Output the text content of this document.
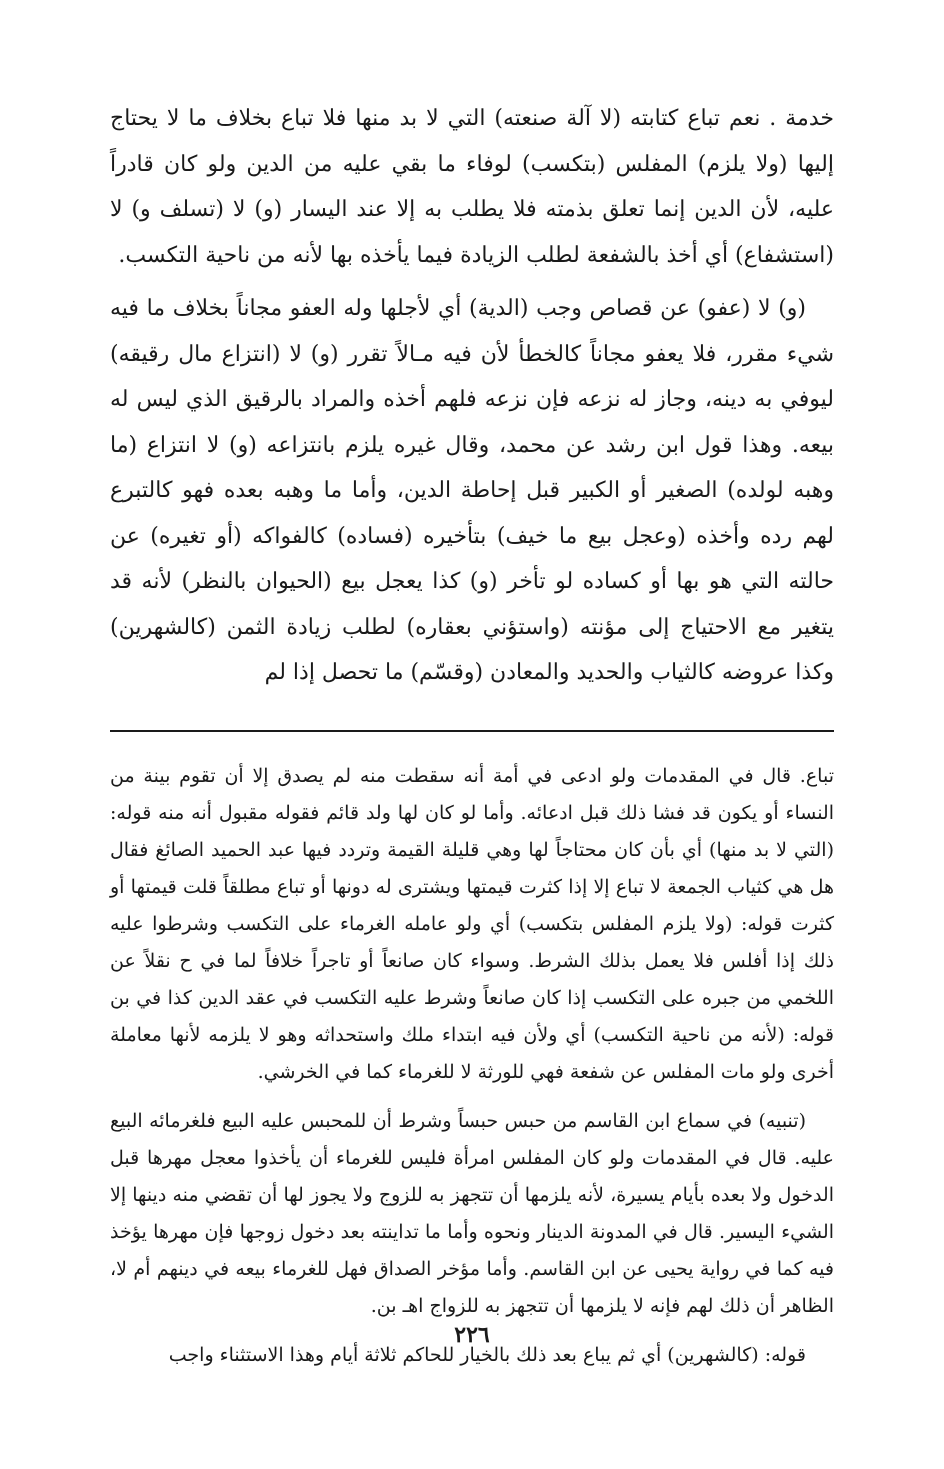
خدمة . نعم تباع كتابته (لا آلة صنعته) التي لا بد منها فلا تباع بخلاف ما لا يحتاج إليها (ولا يلزم) المفلس (بتكسب) لوفاء ما بقي عليه من الدين ولو كان قادراً عليه، لأن الدين إنما تعلق بذمته فلا يطلب به إلا عند اليسار (و) لا (تسلف و) لا (استشفاع) أي أخذ بالشفعة لطلب الزيادة فيما يأخذه بها لأنه من ناحية التكسب.

(و) لا (عفو) عن قصاص وجب (الدية) أي لأجلها وله العفو مجاناً بخلاف ما فيه شيء مقرر، فلا يعفو مجاناً كالخطأ لأن فيه مـالاً تقرر (و) لا (انتزاع مال رقيقه) ليوفي به دينه، وجاز له نزعه فإن نزعه فلهم أخذه والمراد بالرقيق الذي ليس له بيعه. وهذا قول ابن رشد عن محمد، وقال غيره يلزم بانتزاعه (و) لا انتزاع (ما وهبه لولده) الصغير أو الكبير قبل إحاطة الدين، وأما ما وهبه بعده فهو كالتبرع لهم رده وأخذه (وعجل بيع ما خيف) بتأخيره (فساده) كالفواكه (أو تغيره) عن حالته التي هو بها أو كساده لو تأخر (و) كذا يعجل بيع (الحيوان بالنظر) لأنه قد يتغير مع الاحتياج إلى مؤنته (واستؤني بعقاره) لطلب زيادة الثمن (كالشهرين) وكذا عروضه كالثياب والحديد والمعادن (وقسّم) ما تحصل إذا لم

تباع. قال في المقدمات ولو ادعى في أمة أنه سقطت منه لم يصدق إلا أن تقوم بينة من النساء أو يكون قد فشا ذلك قبل ادعائه. وأما لو كان لها ولد قائم فقوله مقبول أنه منه قوله: (التي لا بد منها) أي بأن كان محتاجاً لها وهي قليلة القيمة وتردد فيها عبد الحميد الصائغ فقال هل هي كثياب الجمعة لا تباع إلا إذا كثرت قيمتها ويشترى له دونها أو تباع مطلقاً قلت قيمتها أو كثرت قوله: (ولا يلزم المفلس بتكسب) أي ولو عامله الغرماء على التكسب وشرطوا عليه ذلك إذا أفلس فلا يعمل بذلك الشرط. وسواء كان صانعاً أو تاجراً خلافاً لما في ح نقلاً عن اللخمي من جبره على التكسب إذا كان صانعاً وشرط عليه التكسب في عقد الدين كذا في بن قوله: (لأنه من ناحية التكسب) أي ولأن فيه ابتداء ملك واستحداثه وهو لا يلزمه لأنها معاملة أخرى ولو مات المفلس عن شفعة فهي للورثة لا للغرماء كما في الخرشي.

(تنبيه) في سماع ابن القاسم من حبس حبساً وشرط أن للمحبس عليه البيع فلغرمائه البيع عليه. قال في المقدمات ولو كان المفلس امرأة فليس للغرماء أن يأخذوا معجل مهرها قبل الدخول ولا بعده بأيام يسيرة، لأنه يلزمها أن تتجهز به للزوج ولا يجوز لها أن تقضي منه دينها إلا الشيء اليسير. قال في المدونة الدينار ونحوه وأما ما تداينته بعد دخول زوجها فإن مهرها يؤخذ فيه كما في رواية يحيى عن ابن القاسم. وأما مؤخر الصداق فهل للغرماء بيعه في دينهم أم لا، الظاهر أن ذلك لهم فإنه لا يلزمها أن تتجهز به للزواج اهـ بن.

قوله: (كالشهرين) أي ثم يباع بعد ذلك بالخيار للحاكم ثلاثة أيام وهذا الاستثناء واجب

٢٢٦
